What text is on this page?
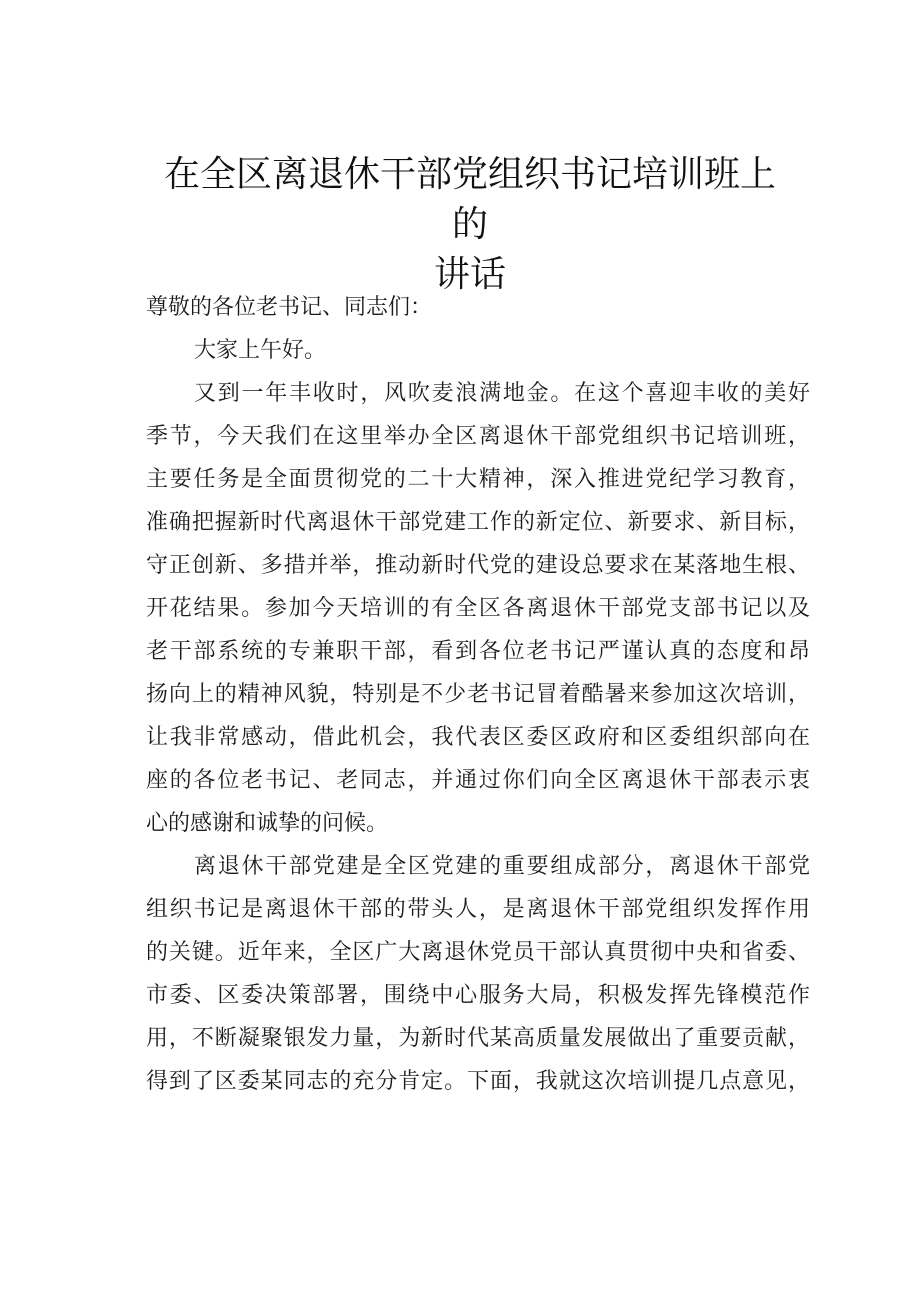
在全区离退休干部党组织书记培训班上的
讲话
尊敬的各位老书记、同志们：
大家上午好。
又到一年丰收时，风吹麦浪满地金。在这个喜迎丰收的美好
季节，今天我们在这里举办全区离退休干部党组织书记培训班，
主要任务是全面贯彻党的二十大精神，深入推进党纪学习教育，
准确把握新时代离退休干部党建工作的新定位、新要求、新目标，
守正创新、多措并举，推动新时代党的建设总要求在某落地生根、
开花结果。参加今天培训的有全区各离退休干部党支部书记以及
老干部系统的专兼职干部，看到各位老书记严谨认真的态度和昂
扬向上的精神风貌，特别是不少老书记冒着酷暑来参加这次培训，
让我非常感动，借此机会，我代表区委区政府和区委组织部向在
座的各位老书记、老同志，并通过你们向全区离退休干部表示衷
心的感谢和诚挚的问候。
离退休干部党建是全区党建的重要组成部分，离退休干部党
组织书记是离退休干部的带头人，是离退休干部党组织发挥作用
的关键。近年来，全区广大离退休党员干部认真贯彻中央和省委、
市委、区委决策部署，围绕中心服务大局，积极发挥先锋模范作
用，不断凝聚银发力量，为新时代某高质量发展做出了重要贡献，
得到了区委某同志的充分肯定。下面，我就这次培训提几点意见，
